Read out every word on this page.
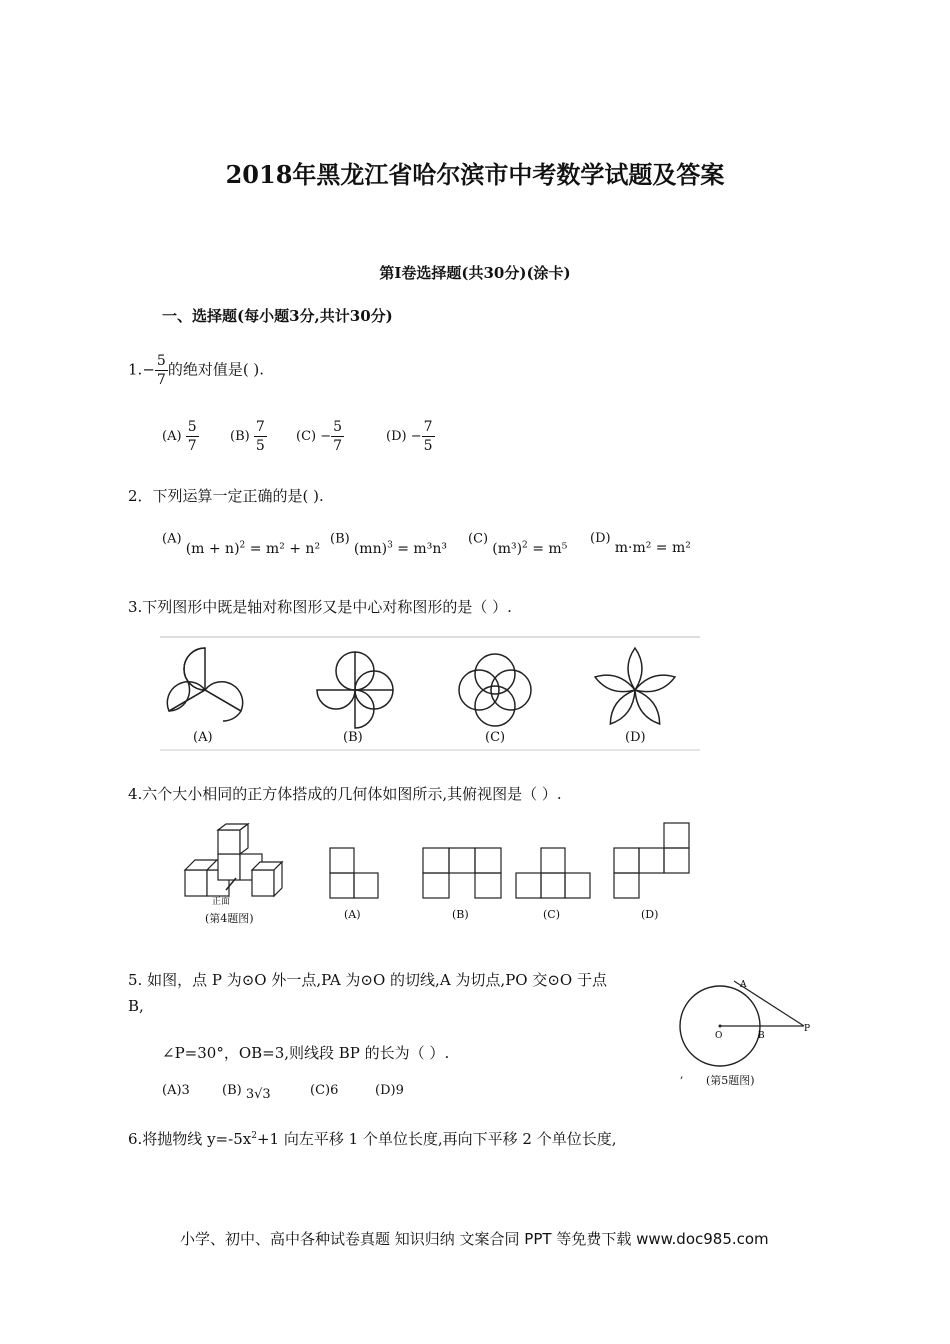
2018年黑龙江省哈尔滨市中考数学试题及答案
第Ⅰ卷选择题(共30分)(涂卡)
一、选择题(每小题3分,共计30分)
$1.- \frac{5}{7}$ 的绝对值是( ).
$(A) \frac{5}{7} (B) \frac{7}{5} (C) - \frac{5}{7}$	$(D) - \frac{7}{5}$
2．下列运算一定正确的是( ).
(A) $(m + n)^2 = m^2 + n^2$
(B) (mn)$^3$ = m³n³
(C) $(m^3)^2 = m^5$
(D) m·m² = m²
3.下列图形中既是轴对称图形又是中心对称图形的是（ ）.
(A)	(B)	(C)	(D)
4.六个大小相同的正方体搭成的几何体如图所示,其俯视图是（ ）.
正面
(第4题图)	(A)	(B)	(C)	(D)
5. 如图，点 P 为⊙O 外一点,PA 为⊙O 的切线,A 为切点,PO 交⊙O 于点
B,
∠P=30°，OB=3,则线段 BP 的长为（ ）.
(A)3 (B) 3√3	(C)6	(D)9
A
O	B
P
, (第5题图)
6.将抛物线 $y=-5x^2+1$ 向左平移 1 个单位长度,再向下平移 2 个单位长度,
小学、初中、高中各种试卷真题 知识归纳 文案合同 PPT 等免费下载 www.doc985.com
